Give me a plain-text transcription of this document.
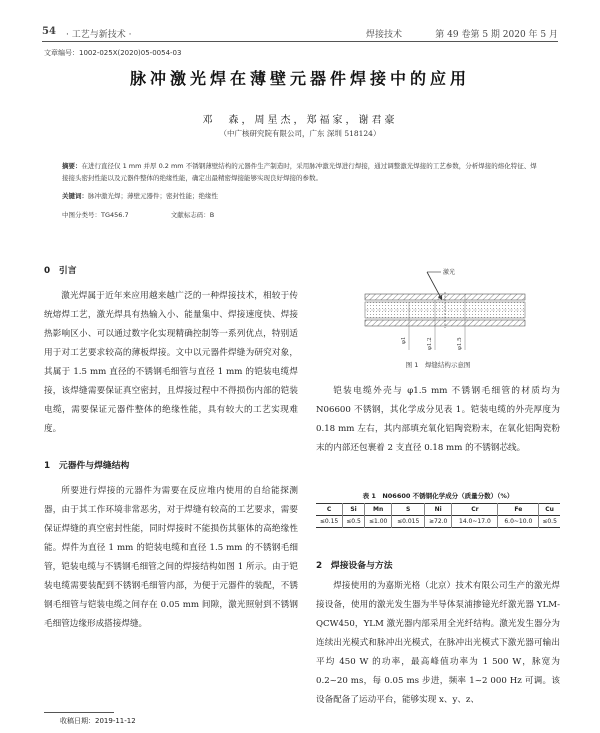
54 · 工艺与新技术 ·	焊接技术	第 49 卷第 5 期 2020 年 5 月
文章编号：1002-025X(2020)05-0054-03
脉冲激光焊在薄壁元器件焊接中的应用
邓　森，周星杰，郑福家，谢君豪
（中广核研究院有限公司，广东 深圳 518124）
摘要：在进行直径仅 1 mm 并厚 0.2 mm 不锈钢薄壁结构的元器件生产制造时，采用脉冲激光焊进行焊接，通过调整激光焊接的工艺参数，分析焊接的熔化特征、焊接接头密封性能以及元器件整体的绝缘性能，确定出最精密焊接能够实现良好焊接的参数。
关键词：脉冲激光焊；薄壁元器件；密封性能；绝缘性
中图分类号：TG456.7	文献标志码：B
0　引言

激光焊属于近年来应用越来越广泛的一种焊接技术，相较于传统熔焊工艺，激光焊具有热输入小、能量集中、焊接速度快、焊接热影响区小、可以通过数字化实现精确控制等一系列优点，特别适用于对工艺要求较高的薄板焊接。文中以元器件焊缝为研究对象，其属于 1.5 mm 直径的不锈钢毛细管与直径 1 mm 的铠装电缆焊接，该焊缝需要保证真空密封，且焊接过程中不得损伤内部的铠装电缆，需要保证元器件整体的绝缘性能，具有较大的工艺实现难度。

1　元器件与焊缝结构

所要进行焊接的元器件为需要在反应堆内使用的自给能探测器，由于其工作环境非常恶劣，对于焊缝有较高的工艺要求，需要保证焊缝的真空密封性能，同时焊接时不能损伤其躯体的高绝缘性能。焊件为直径 1 mm 的铠装电缆和直径 1.5 mm 的不锈钢毛细管，铠装电缆与不锈钢毛细管之间的焊接结构如图 1 所示。由于铠装电缆需要装配到不锈钢毛细管内部，为便于元器件的装配，不锈钢毛细管与铠装电缆之间存在 0.05 mm 间隙，激光照射到不锈钢毛细管边缘形成搭接焊缝。

激光
φ1	φ1.2	φ1.5
图 1　焊缝结构示意图

铠装电缆外壳与 φ1.5 mm 不锈钢毛细管的材质均为 N06600 不锈钢，其化学成分见表 1。铠装电缆的外壳厚度为 0.18 mm 左右，其内部填充氧化铝陶瓷粉末，在氧化铝陶瓷粉末的内部还包裹着 2 支直径 0.18 mm 的不锈钢芯线。

表 1　N06600 不锈钢化学成分（质量分数）（%）
C	Si	Mn	S	Ni	Cr	Fe	Cu
≤0.15	≤0.5	≤1.00	≤0.015	≥72.0	14.0~17.0	6.0~10.0	≤0.5
2　焊接设备与方法

焊接使用的为嘉斯光格（北京）技术有限公司生产的激光焊接设备，使用的激光发生器为半导体泵浦掺镱光纤激光器 YLM-QCW450，YLM 激光器内部采用全光纤结构。激光发生器分为连续出光模式和脉冲出光模式，在脉冲出光模式下激光器可输出平均 450 W 的功率，最高峰值功率为 1 500 W，脉宽为 0.2~20 ms，每 0.05 ms 步进，频率 1~2 000 Hz 可调。该设备配备了运动平台，能够实现 x、y、z、

收稿日期：2019-11-12
